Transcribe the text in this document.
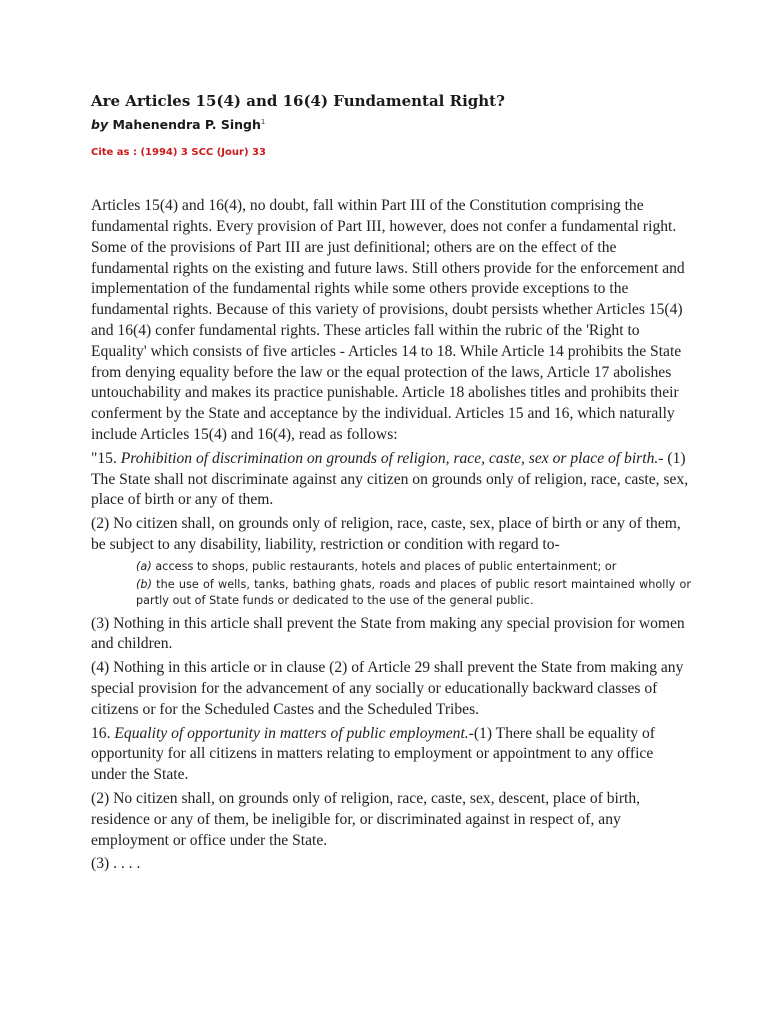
Are Articles 15(4) and 16(4) Fundamental Right?
by Mahenendra P. Singh$^1$
Cite as : (1994) 3 SCC (Jour) 33

Articles 15(4) and 16(4), no doubt, fall within Part III of the Constitution comprising the fundamental rights. Every provision of Part III, however, does not confer a fundamental right. Some of the provisions of Part III are just definitional; others are on the effect of the fundamental rights on the existing and future laws. Still others provide for the enforcement and implementation of the fundamental rights while some others provide exceptions to the fundamental rights. Because of this variety of provisions, doubt persists whether Articles 15(4) and 16(4) confer fundamental rights. These articles fall within the rubric of the 'Right to Equality' which consists of five articles - Articles 14 to 18. While Article 14 prohibits the State from denying equality before the law or the equal protection of the laws, Article 17 abolishes untouchability and makes its practice punishable. Article 18 abolishes titles and prohibits their conferment by the State and acceptance by the individual. Articles 15 and 16, which naturally include Articles 15(4) and 16(4), read as follows:

"15. Prohibition of discrimination on grounds of religion, race, caste, sex or place of birth.- (1) The State shall not discriminate against any citizen on grounds only of religion, race, caste, sex, place of birth or any of them.

(2) No citizen shall, on grounds only of religion, race, caste, sex, place of birth or any of them, be subject to any disability, liability, restriction or condition with regard to-

(a) access to shops, public restaurants, hotels and places of public entertainment; or

(b) the use of wells, tanks, bathing ghats, roads and places of public resort maintained wholly or partly out of State funds or dedicated to the use of the general public.

(3) Nothing in this article shall prevent the State from making any special provision for women and children.

(4) Nothing in this article or in clause (2) of Article 29 shall prevent the State from making any special provision for the advancement of any socially or educationally backward classes of citizens or for the Scheduled Castes and the Scheduled Tribes.

16. Equality of opportunity in matters of public employment.-(1) There shall be equality of opportunity for all citizens in matters relating to employment or appointment to any office under the State.

(2) No citizen shall, on grounds only of religion, race, caste, sex, descent, place of birth, residence or any of them, be ineligible for, or discriminated against in respect of, any employment or office under the State.

(3) . . . .
